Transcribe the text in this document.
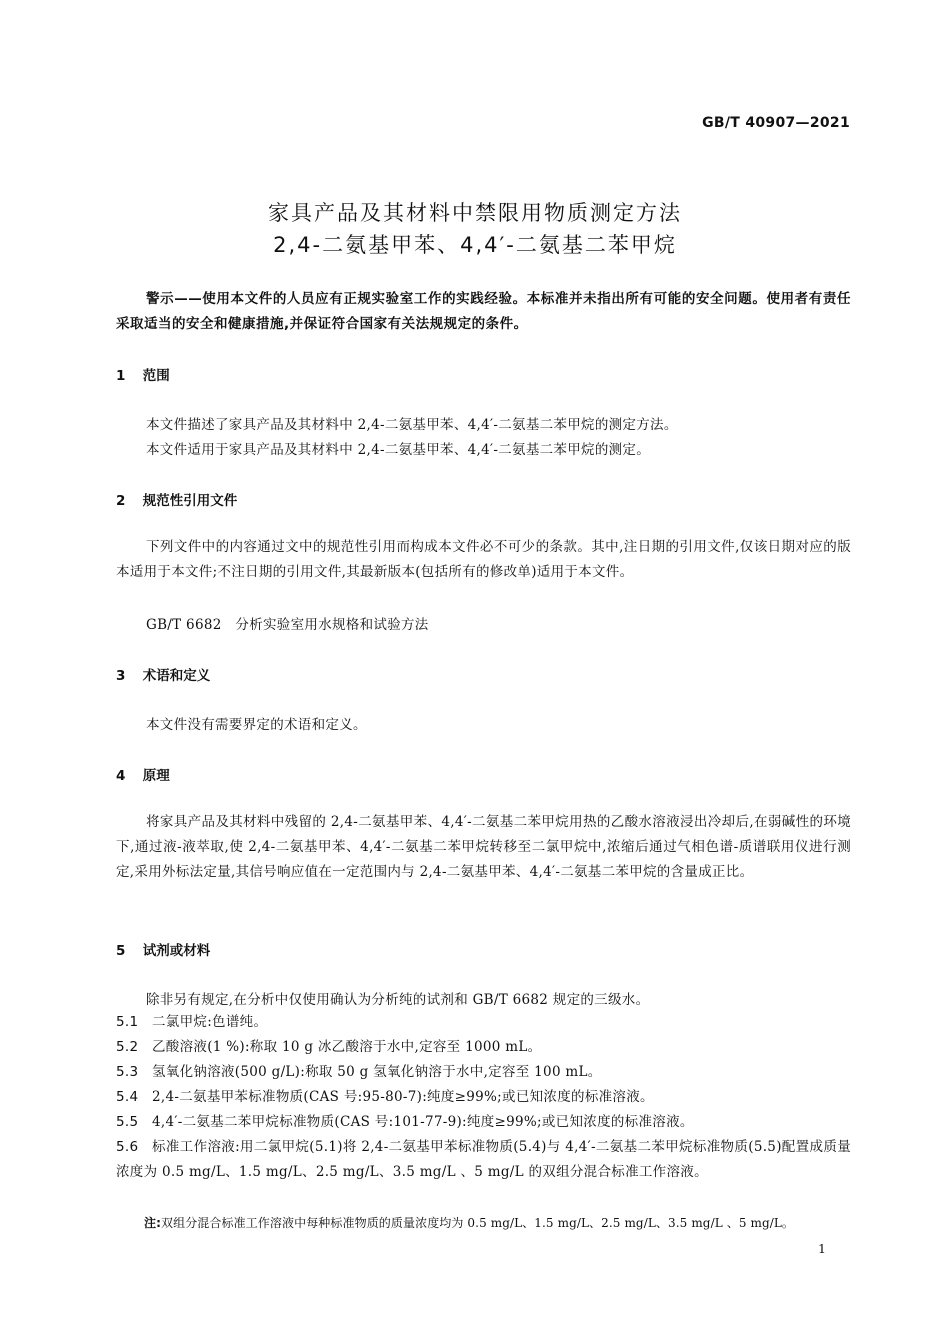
GB/T 40907—2021
家具产品及其材料中禁限用物质测定方法
2,4-二氨基甲苯、4,4′-二氨基二苯甲烷
警示——使用本文件的人员应有正规实验室工作的实践经验。本标准并未指出所有可能的安全问题。使用者有责任采取适当的安全和健康措施,并保证符合国家有关法规规定的条件。
1 范围
本文件描述了家具产品及其材料中 2,4-二氨基甲苯、4,4′-二氨基二苯甲烷的测定方法。
本文件适用于家具产品及其材料中 2,4-二氨基甲苯、4,4′-二氨基二苯甲烷的测定。
2 规范性引用文件
下列文件中的内容通过文中的规范性引用而构成本文件必不可少的条款。其中,注日期的引用文件,仅该日期对应的版本适用于本文件;不注日期的引用文件,其最新版本(包括所有的修改单)适用于本文件。
GB/T 6682　分析实验室用水规格和试验方法
3 术语和定义
本文件没有需要界定的术语和定义。
4 原理
将家具产品及其材料中残留的 2,4-二氨基甲苯、4,4′-二氨基二苯甲烷用热的乙酸水溶液浸出冷却后,在弱碱性的环境下,通过液-液萃取,使 2,4-二氨基甲苯、4,4′-二氨基二苯甲烷转移至二氯甲烷中,浓缩后通过气相色谱-质谱联用仪进行测定,采用外标法定量,其信号响应值在一定范围内与 2,4-二氨基甲苯、4,4′-二氨基二苯甲烷的含量成正比。
5 试剂或材料
除非另有规定,在分析中仅使用确认为分析纯的试剂和 GB/T 6682 规定的三级水。
5.1 二氯甲烷:色谱纯。
5.2 乙酸溶液(1 %):称取 10 g 冰乙酸溶于水中,定容至 1000 mL。
5.3 氢氧化钠溶液(500 g/L):称取 50 g 氢氧化钠溶于水中,定容至 100 mL。
5.4 2,4-二氨基甲苯标准物质(CAS 号:95-80-7):纯度≥99%;或已知浓度的标准溶液。
5.5 4,4′-二氨基二苯甲烷标准物质(CAS 号:101-77-9):纯度≥99%;或已知浓度的标准溶液。
5.6 标准工作溶液:用二氯甲烷(5.1)将 2,4-二氨基甲苯标准物质(5.4)与 4,4′-二氨基二苯甲烷标准物质(5.5)配置成质量浓度为 0.5 mg/L、1.5 mg/L、2.5 mg/L、3.5 mg/L 、5 mg/L 的双组分混合标准工作溶液。
注:双组分混合标准工作溶液中每种标准物质的质量浓度均为 0.5 mg/L、1.5 mg/L、2.5 mg/L、3.5 mg/L 、5 mg/L。
1
